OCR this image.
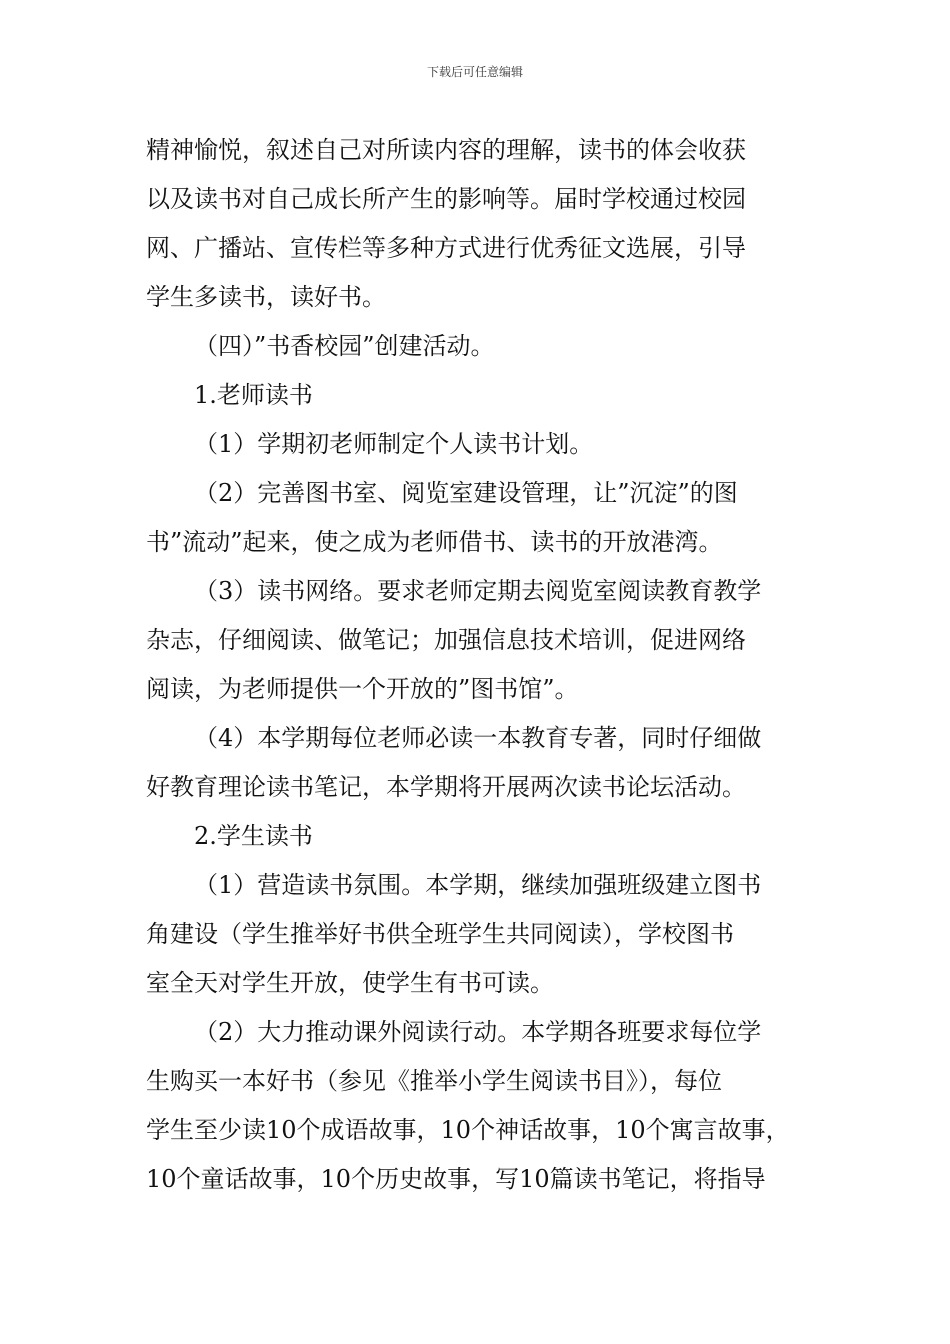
下载后可任意编辑
精神愉悦，叙述自己对所读内容的理解，读书的体会收获
以及读书对自己成长所产生的影响等。届时学校通过校园
网、广播站、宣传栏等多种方式进行优秀征文选展，引导
学生多读书，读好书。
（四）”书香校园”创建活动。
1.老师读书
（1）学期初老师制定个人读书计划。
（2）完善图书室、阅览室建设管理，让”沉淀”的图
书”流动”起来，使之成为老师借书、读书的开放港湾。
（3）读书网络。要求老师定期去阅览室阅读教育教学
杂志，仔细阅读、做笔记；加强信息技术培训，促进网络
阅读，为老师提供一个开放的”图书馆”。
（4）本学期每位老师必读一本教育专著，同时仔细做
好教育理论读书笔记，本学期将开展两次读书论坛活动。
2.学生读书
（1）营造读书氛围。本学期，继续加强班级建立图书
角建设（学生推举好书供全班学生共同阅读），学校图书
室全天对学生开放，使学生有书可读。
（2）大力推动课外阅读行动。本学期各班要求每位学
生购买一本好书（参见《推举小学生阅读书目》），每位
学生至少读10个成语故事，10个神话故事，10个寓言故事，
10个童话故事，10个历史故事，写10篇读书笔记，将指导
